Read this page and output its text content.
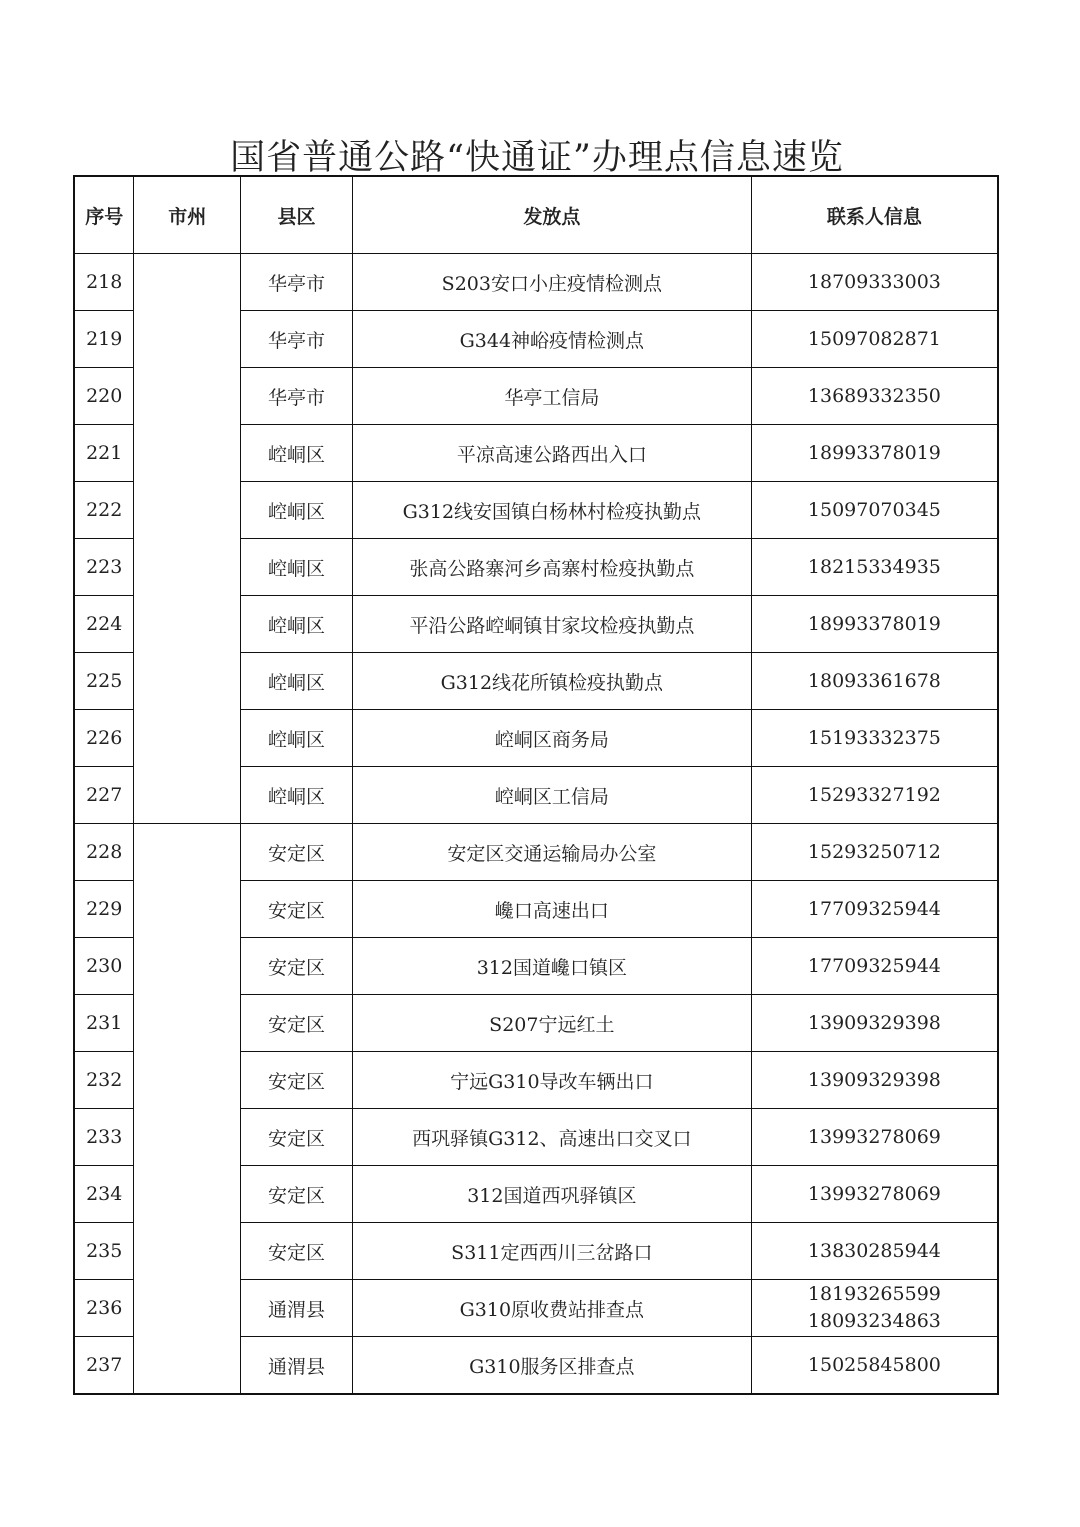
国省普通公路“快通证”办理点信息速览
序号	市州	县区	发放点	联系人信息
218		华亭市	S203安口小庄疫情检测点	18709333003
219		华亭市	G344神峪疫情检测点	15097082871
220		华亭市	华亭工信局	13689332350
221		崆峒区	平凉高速公路西出入口	18993378019
222		崆峒区	G312线安国镇白杨林村检疫执勤点	15097070345
223		崆峒区	张高公路寨河乡高寨村检疫执勤点	18215334935
224		崆峒区	平沿公路崆峒镇甘家坟检疫执勤点	18993378019
225		崆峒区	G312线花所镇检疫执勤点	18093361678
226		崆峒区	崆峒区商务局	15193332375
227		崆峒区	崆峒区工信局	15293327192
228		安定区	安定区交通运输局办公室	15293250712
229		安定区	巉口高速出口	17709325944
230		安定区	312国道巉口镇区	17709325944
231		安定区	S207宁远红土	13909329398
232		安定区	宁远G310导改车辆出口	13909329398
233		安定区	西巩驿镇G312、高速出口交叉口	13993278069
234		安定区	312国道西巩驿镇区	13993278069
235		安定区	S311定西西川三岔路口	13830285944
236		通渭县	G310原收费站排查点	18193265599
18093234863
237		通渭县	G310服务区排查点	15025845800
